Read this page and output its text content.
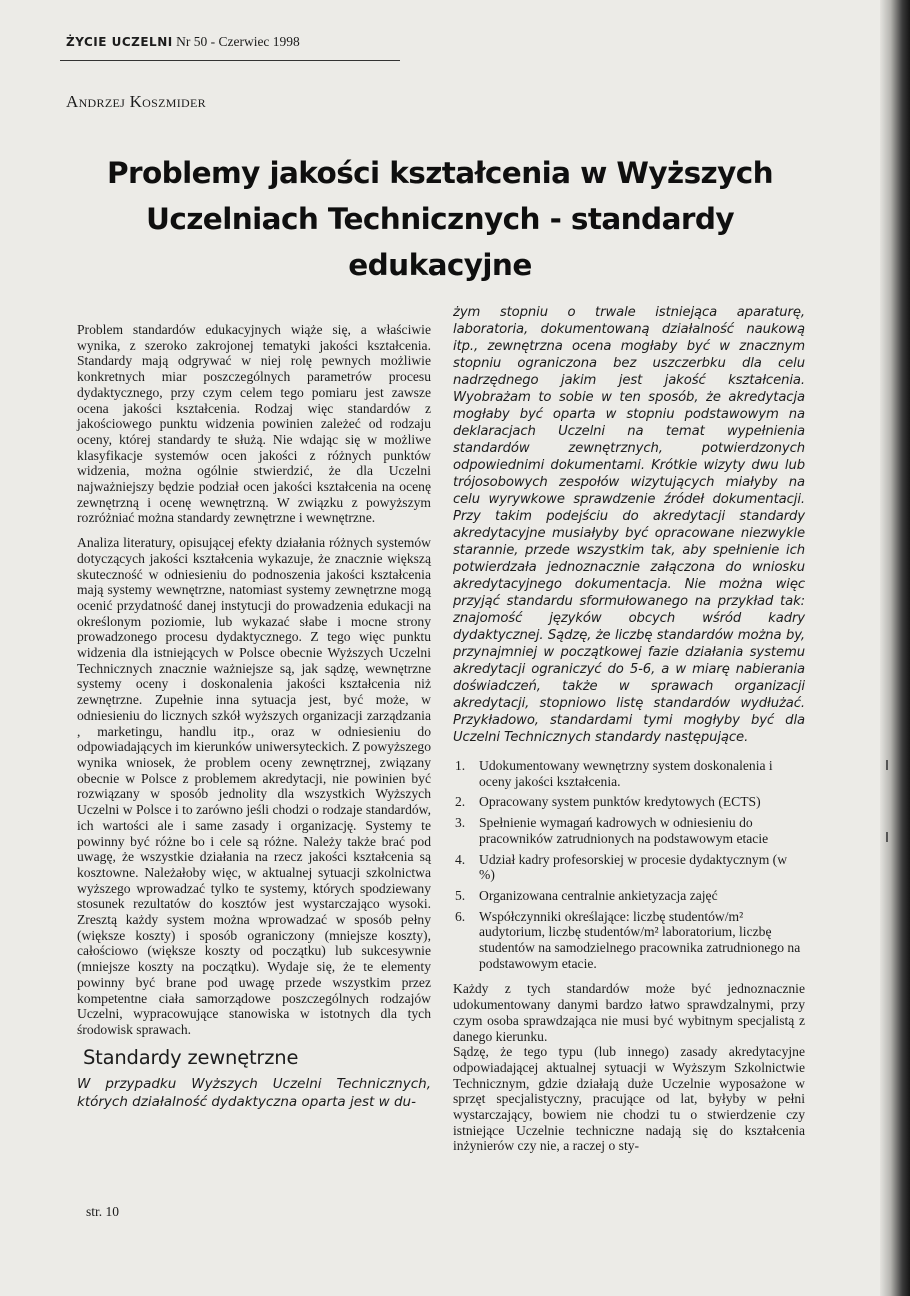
ŻYCIE UCZELNI Nr 50 - Czerwiec 1998
Andrzej Koszmider
Problemy jakości kształcenia w Wyższych Uczelniach Technicznych - standardy edukacyjne

Problem standardów edukacyjnych wiąże się, a właściwie wynika, z szeroko zakrojonej tematyki jakości kształcenia. Standardy mają odgrywać w niej rolę pewnych możliwie konkretnych miar poszczególnych parametrów procesu dydaktycznego, przy czym celem tego pomiaru jest zawsze ocena jakości kształcenia. Rodzaj więc standardów z jakościowego punktu widzenia powinien zależeć od rodzaju oceny, której standardy te służą. Nie wdając się w możliwe klasyfikacje systemów ocen jakości z różnych punktów widzenia, można ogólnie stwierdzić, że dla Uczelni najważniejszy będzie podział ocen jakości kształcenia na ocenę zewnętrzną i ocenę wewnętrzną. W związku z powyższym rozróżniać można standardy zewnętrzne i wewnętrzne.

Analiza literatury, opisującej efekty działania różnych systemów dotyczących jakości kształcenia wykazuje, że znacznie większą skuteczność w odniesieniu do podnoszenia jakości kształcenia mają systemy wewnętrzne, natomiast systemy zewnętrzne mogą ocenić przydatność danej instytucji do prowadzenia edukacji na określonym poziomie, lub wykazać słabe i mocne strony prowadzonego procesu dydaktycznego. Z tego więc punktu widzenia dla istniejących w Polsce obecnie Wyższych Uczelni Technicznych znacznie ważniejsze są, jak sądzę, wewnętrzne systemy oceny i doskonalenia jakości kształcenia niż zewnętrzne. Zupełnie inna sytuacja jest, być może, w odniesieniu do licznych szkół wyższych organizacji zarządzania , marketingu, handlu itp., oraz w odniesieniu do odpowiadających im kierunków uniwersyteckich. Z powyższego wynika wniosek, że problem oceny zewnętrznej, związany obecnie w Polsce z problemem akredytacji, nie powinien być rozwiązany w sposób jednolity dla wszystkich Wyższych Uczelni w Polsce i to zarówno jeśli chodzi o rodzaje standardów, ich wartości ale i same zasady i organizację. Systemy te powinny być różne bo i cele są różne. Należy także brać pod uwagę, że wszystkie działania na rzecz jakości kształcenia są kosztowne. Należałoby więc, w aktualnej sytuacji szkolnictwa wyższego wprowadzać tylko te systemy, których spodziewany stosunek rezultatów do kosztów jest wystarczająco wysoki. Zresztą każdy system można wprowadzać w sposób pełny (większe koszty) i sposób ograniczony (mniejsze koszty), całościowo (większe koszty od początku) lub sukcesywnie (mniejsze koszty na początku). Wydaje się, że te elementy powinny być brane pod uwagę przede wszystkim przez kompetentne ciała samorządowe poszczególnych rodzajów Uczelni, wypracowujące stanowiska w istotnych dla tych środowisk sprawach.

Standardy zewnętrzne

W przypadku Wyższych Uczelni Technicznych, których działalność dydaktyczna oparta jest w du-

żym stopniu o trwale istniejąca aparaturę, laboratoria, dokumentowaną działalność naukową itp., zewnętrzna ocena mogłaby być w znacznym stopniu ograniczona bez uszczerbku dla celu nadrzędnego jakim jest jakość kształcenia. Wyobrażam to sobie w ten sposób, że akredytacja mogłaby być oparta w stopniu podstawowym na deklaracjach Uczelni na temat wypełnienia standardów zewnętrznych, potwierdzonych odpowiednimi dokumentami. Krótkie wizyty dwu lub trójosobowych zespołów wizytujących miałyby na celu wyrywkowe sprawdzenie źródeł dokumentacji. Przy takim podejściu do akredytacji standardy akredytacyjne musiałyby być opracowane niezwykle starannie, przede wszystkim tak, aby spełnienie ich potwierdzała jednoznacznie załączona do wniosku akredytacyjnego dokumentacja. Nie można więc przyjąć standardu sformułowanego na przykład tak: znajomość języków obcych wśród kadry dydaktycznej. Sądzę, że liczbę standardów można by, przynajmniej w początkowej fazie działania systemu akredytacji ograniczyć do 5-6, a w miarę nabierania doświadczeń, także w sprawach organizacji akredytacji, stopniowo listę standardów wydłużać. Przykładowo, standardami tymi mogłyby być dla Uczelni Technicznych standardy następujące.

1. Udokumentowany wewnętrzny system doskonalenia i oceny jakości kształcenia.
2. Opracowany system punktów kredytowych (ECTS)
3. Spełnienie wymagań kadrowych w odniesieniu do pracowników zatrudnionych na podstawowym etacie
4. Udział kadry profesorskiej w procesie dydaktycznym (w %)
5. Organizowana centralnie ankietyzacja zajęć
6. Współczynniki określające: liczbę studentów/m² audytorium, liczbę studentów/m² laboratorium, liczbę studentów na samodzielnego pracownika zatrudnionego na podstawowym etacie.

Każdy z tych standardów może być jednoznacznie udokumentowany danymi bardzo łatwo sprawdzalnymi, przy czym osoba sprawdzająca nie musi być wybitnym specjalistą z danego kierunku.

Sądzę, że tego typu (lub innego) zasady akredytacyjne odpowiadającej aktualnej sytuacji w Wyższym Szkolnictwie Technicznym, gdzie działają duże Uczelnie wyposażone w sprzęt specjalistyczny, pracujące od lat, byłyby w pełni wystarczający, bowiem nie chodzi tu o stwierdzenie czy istniejące Uczelnie techniczne nadają się do kształcenia inżynierów czy nie, a raczej o sty-

str. 10
